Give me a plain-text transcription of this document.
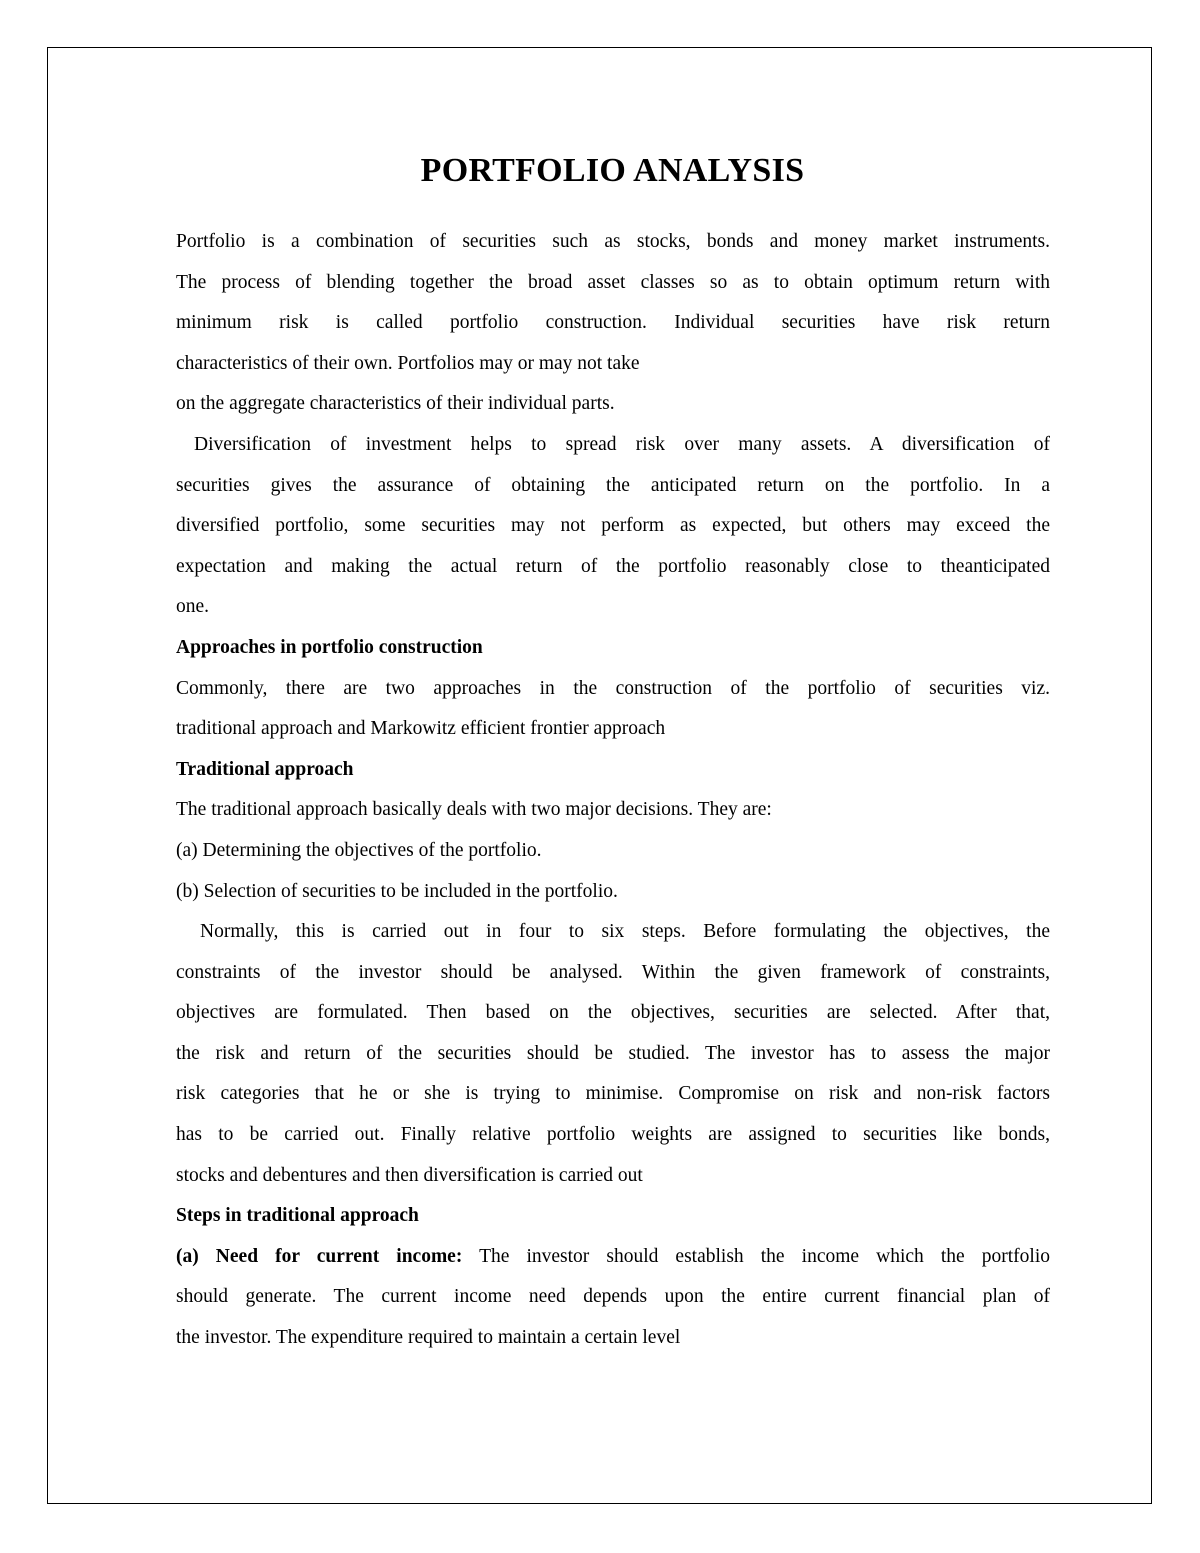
PORTFOLIO ANALYSIS

Portfolio is a combination of securities such as stocks, bonds and money market instruments.

The process of blending together the broad asset classes so as to obtain optimum return with

minimum risk is called portfolio construction. Individual securities have risk return

characteristics of their own. Portfolios may or may not take

on the aggregate characteristics of their individual parts.

Diversification of investment helps to spread risk over many assets. A diversification of

securities gives the assurance of obtaining the anticipated return on the portfolio. In a

diversified portfolio, some securities may not perform as expected, but others may exceed the

expectation and making the actual return of the portfolio reasonably close to theanticipated

one.

Approaches in portfolio construction

Commonly, there are two approaches in the construction of the portfolio of securities viz.

traditional approach and Markowitz efficient frontier approach

Traditional approach

The traditional approach basically deals with two major decisions. They are:

(a) Determining the objectives of the portfolio.

(b) Selection of securities to be included in the portfolio.

Normally, this is carried out in four to six steps. Before formulating the objectives, the

constraints of the investor should be analysed. Within the given framework of constraints,

objectives are formulated. Then based on the objectives, securities are selected. After that,

the risk and return of the securities should be studied. The investor has to assess the major

risk categories that he or she is trying to minimise. Compromise on risk and non-risk factors

has to be carried out. Finally relative portfolio weights are assigned to securities like bonds,

stocks and debentures and then diversification is carried out

Steps in traditional approach

(a) Need for current income: The investor should establish the income which the portfolio

should generate. The current income need depends upon the entire current financial plan of

the investor. The expenditure required to maintain a certain level
